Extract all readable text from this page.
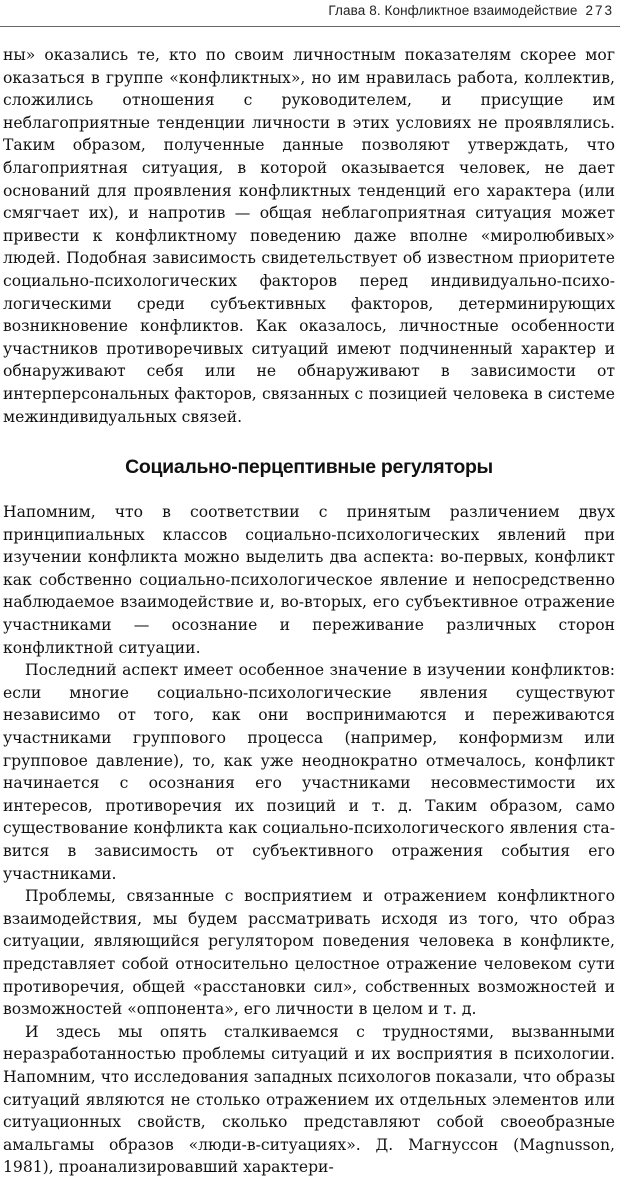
Глава 8. Конфликтное взаимодействие 273

ны» оказались те, кто по своим личностным показателям скорее мог оказаться в группе «конфликтных», но им нравилась работа, коллектив, сложились отношения с руководителем, и присущие им неблагоприятные тенденции личности в этих условиях не проявлялись. Таким образом, полученные данные позволяют утверждать, что благоприятная ситуация, в которой оказывается человек, не дает оснований для проявления конфликтных тенденций его характера (или смягчает их), и напротив — общая неблагоприятная ситуация может привести к конфликтному поведению даже вполне «миролюбивых» людей. Подобная зависимость свидетельствует об известном приоритете социально-психологических факторов перед индивидуально-психологическими среди субъективных факторов, детерминирующих возникновение конфликтов. Как оказалось, личностные особенности участников противоречивых ситуаций имеют подчиненный характер и обнаруживают себя или не обнаруживают в зависимости от интерперсональных факторов, связанных с позицией человека в системе межиндивидуальных связей.

Социально-перцептивные регуляторы

Напомним, что в соответствии с принятым различением двух принципиальных классов социально-психологических явлений при изучении конфликта можно выделить два аспекта: во-первых, конфликт как собственно социально-психологическое явление и непосредственно наблюдаемое взаимодействие и, во-вторых, его субъективное отражение участниками — осознание и переживание различных сторон конфликтной ситуации.

Последний аспект имеет особенное значение в изучении конфликтов: если многие социально-психологические явления существуют независимо от того, как они воспринимаются и переживаются участниками группового процесса (например, конформизм или групповое давление), то, как уже неоднократно отмечалось, конфликт начинается с осознания его участниками несовместимости их интересов, противоречия их позиций и т. д. Таким образом, само существование конфликта как социально-психологического явления ставится в зависимость от субъективного отражения события его участниками.

Проблемы, связанные с восприятием и отражением конфликтного взаимодействия, мы будем рассматривать исходя из того, что образ ситуации, являющийся регулятором поведения человека в конфликте, представляет собой относительно целостное отражение человеком сути противоречия, общей «расстановки сил», собственных возможностей и возможностей «оппонента», его личности в целом и т. д.

И здесь мы опять сталкиваемся с трудностями, вызванными неразработанностью проблемы ситуаций и их восприятия в психологии. Напомним, что исследования западных психологов показали, что образы ситуаций являются не столько отражением их отдельных элементов или ситуационных свойств, сколько представляют собой своеобразные амальгамы образов «люди-в-ситуациях». Д. Магнуссон (Magnusson, 1981), проанализировавший характери-
